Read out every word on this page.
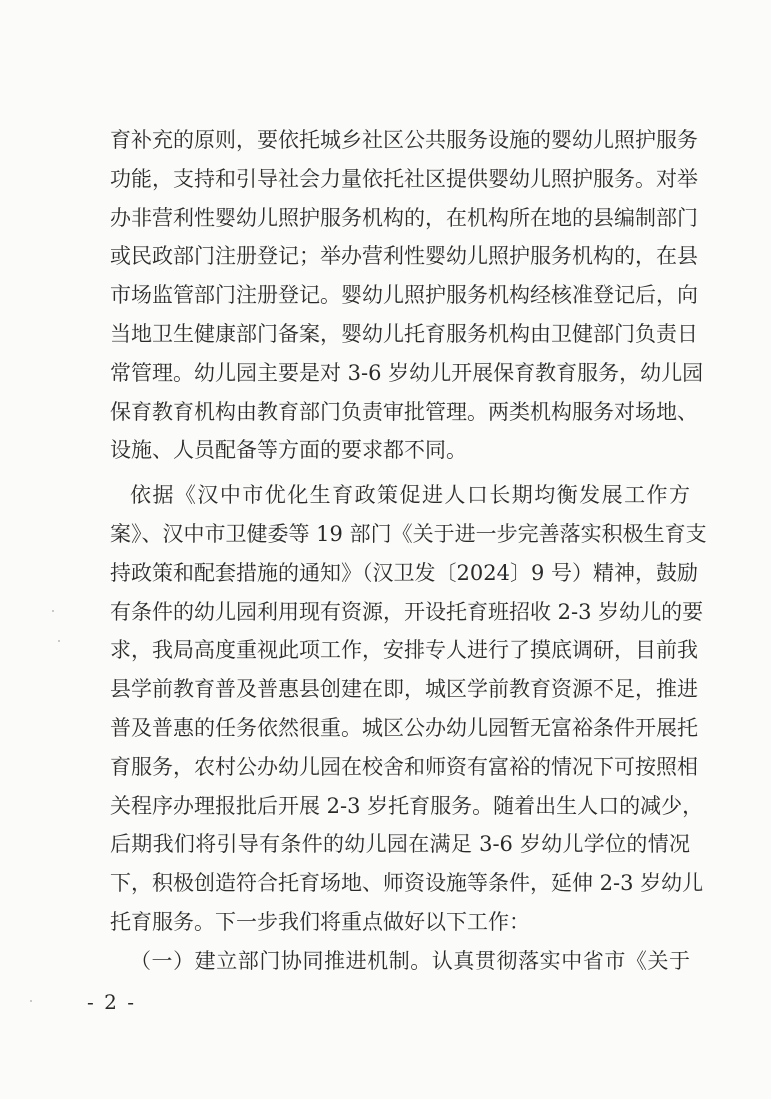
育补充的原则，要依托城乡社区公共服务设施的婴幼儿照护服务
功能，支持和引导社会力量依托社区提供婴幼儿照护服务。对举
办非营利性婴幼儿照护服务机构的，在机构所在地的县编制部门
或民政部门注册登记；举办营利性婴幼儿照护服务机构的，在县
市场监管部门注册登记。婴幼儿照护服务机构经核准登记后，向
当地卫生健康部门备案，婴幼儿托育服务机构由卫健部门负责日
常管理。幼儿园主要是对 3-6 岁幼儿开展保育教育服务，幼儿园
保育教育机构由教育部门负责审批管理。两类机构服务对场地、
设施、人员配备等方面的要求都不同。
依据《汉中市优化生育政策促进人口长期均衡发展工作方
案》、汉中市卫健委等 19 部门《关于进一步完善落实积极生育支
持政策和配套措施的通知》（汉卫发〔2024〕9 号）精神，鼓励
有条件的幼儿园利用现有资源，开设托育班招收 2-3 岁幼儿的要
求，我局高度重视此项工作，安排专人进行了摸底调研，目前我
县学前教育普及普惠县创建在即，城区学前教育资源不足，推进
普及普惠的任务依然很重。城区公办幼儿园暂无富裕条件开展托
育服务，农村公办幼儿园在校舍和师资有富裕的情况下可按照相
关程序办理报批后开展 2-3 岁托育服务。随着出生人口的减少，
后期我们将引导有条件的幼儿园在满足 3-6 岁幼儿学位的情况
下，积极创造符合托育场地、师资设施等条件，延伸 2-3 岁幼儿
托育服务。下一步我们将重点做好以下工作：
（一）建立部门协同推进机制。认真贯彻落实中省市《关于
- 2 -
